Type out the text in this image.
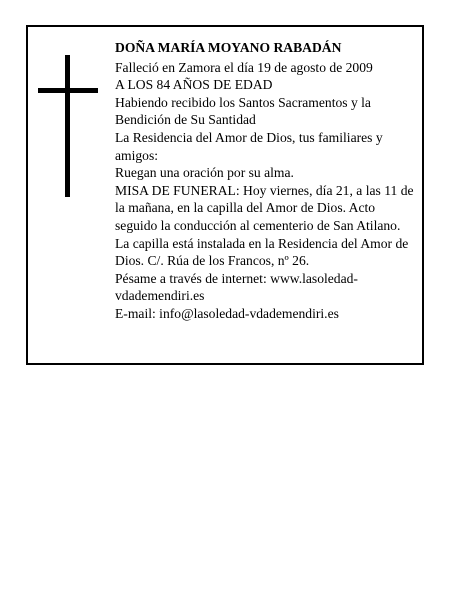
DOÑA MARÍA MOYANO RABADÁN

Falleció en Zamora el día 19 de agosto de 2009

A LOS 84 AÑOS DE EDAD

Habiendo recibido los Santos Sacramentos y la Bendición de Su Santidad

La Residencia del Amor de Dios, tus familiares y amigos:

Ruegan una oración por su alma.

MISA DE FUNERAL: Hoy viernes, día 21, a las 11 de la mañana, en la capilla del Amor de Dios. Acto seguido la conducción al cementerio de San Atilano.

La capilla está instalada en la Residencia del Amor de Dios. C/. Rúa de los Francos, nº 26.

Pésame a través de internet: www.lasoledad-vdademendiri.es

E-mail: info@lasoledad-vdademendiri.es
